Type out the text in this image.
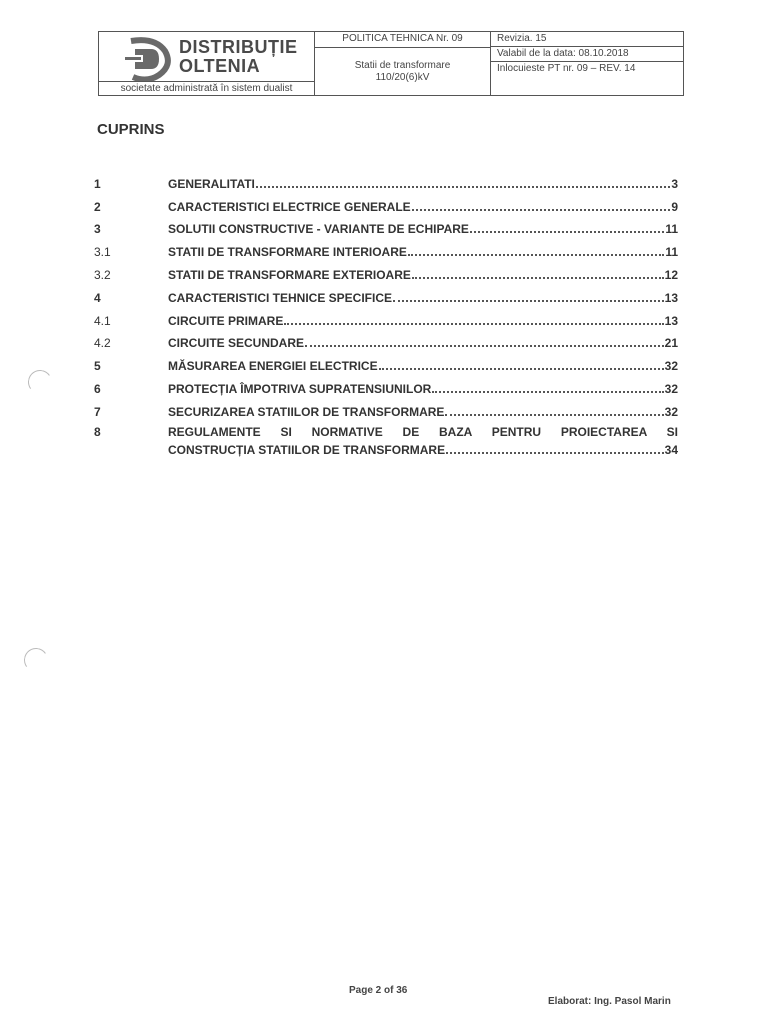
DISTRIBUȚIE
OLTENIA
societate administrată în sistem dualist
POLITICA TEHNICA Nr. 09
Statii de transformare
110/20(6)kV
Revizia. 15
Valabil de la data: 08.10.2018
Inlocuieste PT nr. 09 – REV. 14
CUPRINS
1	GENERALITATI	3
2	CARACTERISTICI ELECTRICE GENERALE	9
3	SOLUTII CONSTRUCTIVE - VARIANTE DE ECHIPARE	11
3.1	STATII DE TRANSFORMARE INTERIOARE	11
3.2	STATII DE TRANSFORMARE EXTERIOARE	12
4	CARACTERISTICI TEHNICE SPECIFICE	13
4.1	CIRCUITE PRIMARE	13
4.2	CIRCUITE SECUNDARE	21
5	MĂSURAREA ENERGIEI ELECTRICE	32
6	PROTECȚIA ÎMPOTRIVA SUPRATENSIUNILOR	32
7	SECURIZAREA STATIILOR DE TRANSFORMARE	32
8	REGULAMENTE SI NORMATIVE DE BAZA PENTRU PROIECTAREA SI
CONSTRUCȚIA STATIILOR DE TRANSFORMARE	34
Page 2 of 36
Elaborat: Ing. Pasol Marin
